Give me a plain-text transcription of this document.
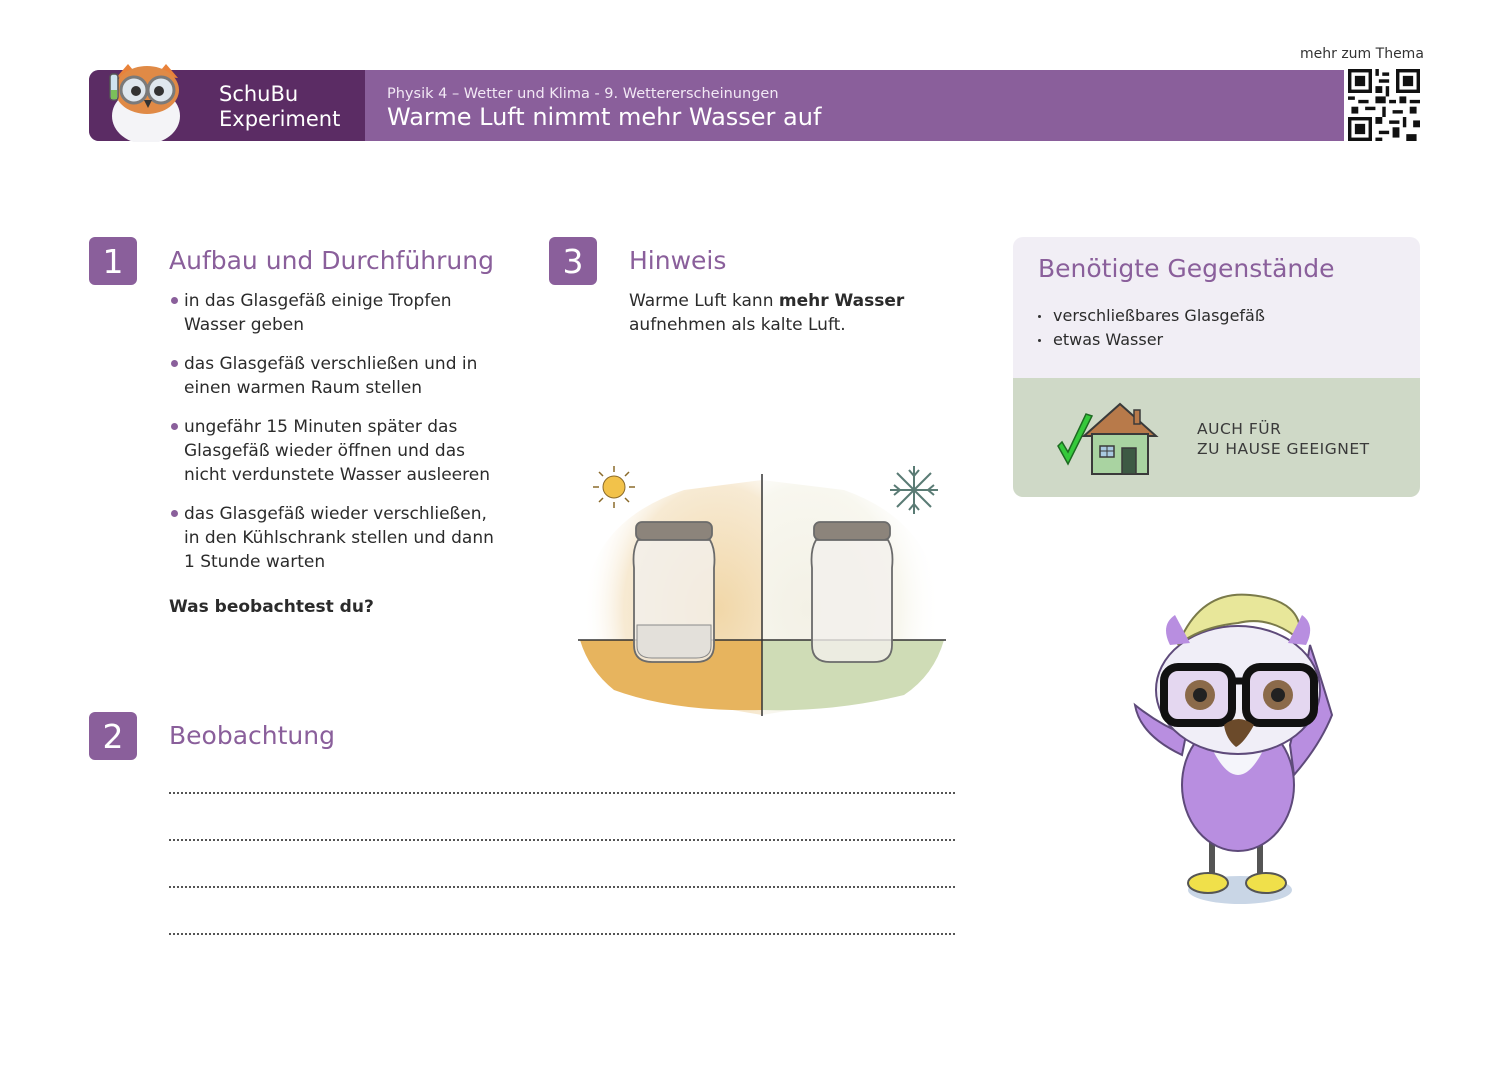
mehr zum Thema
SchuBu
Experiment
Physik 4 – Wetter und Klima - 9. Wettererscheinungen
Warme Luft nimmt mehr Wasser auf
1	Aufbau und Durchführung
in das Glasgefäß einige Tropfen
Wasser geben
das Glasgefäß verschließen und in
einen warmen Raum stellen
ungefähr 15 Minuten später das
Glasgefäß wieder öffnen und das
nicht verdunstete Wasser ausleeren
das Glasgefäß wieder verschließen,
in den Kühlschrank stellen und dann
1 Stunde warten
Was beobachtest du?
3	Hinweis
Warme Luft kann mehr Wasser
aufnehmen als kalte Luft.
2	Beobachtung
Benötigte Gegenstände
verschließbares Glasgefäß
etwas Wasser
AUCH FÜR
ZU HAUSE GEEIGNET
